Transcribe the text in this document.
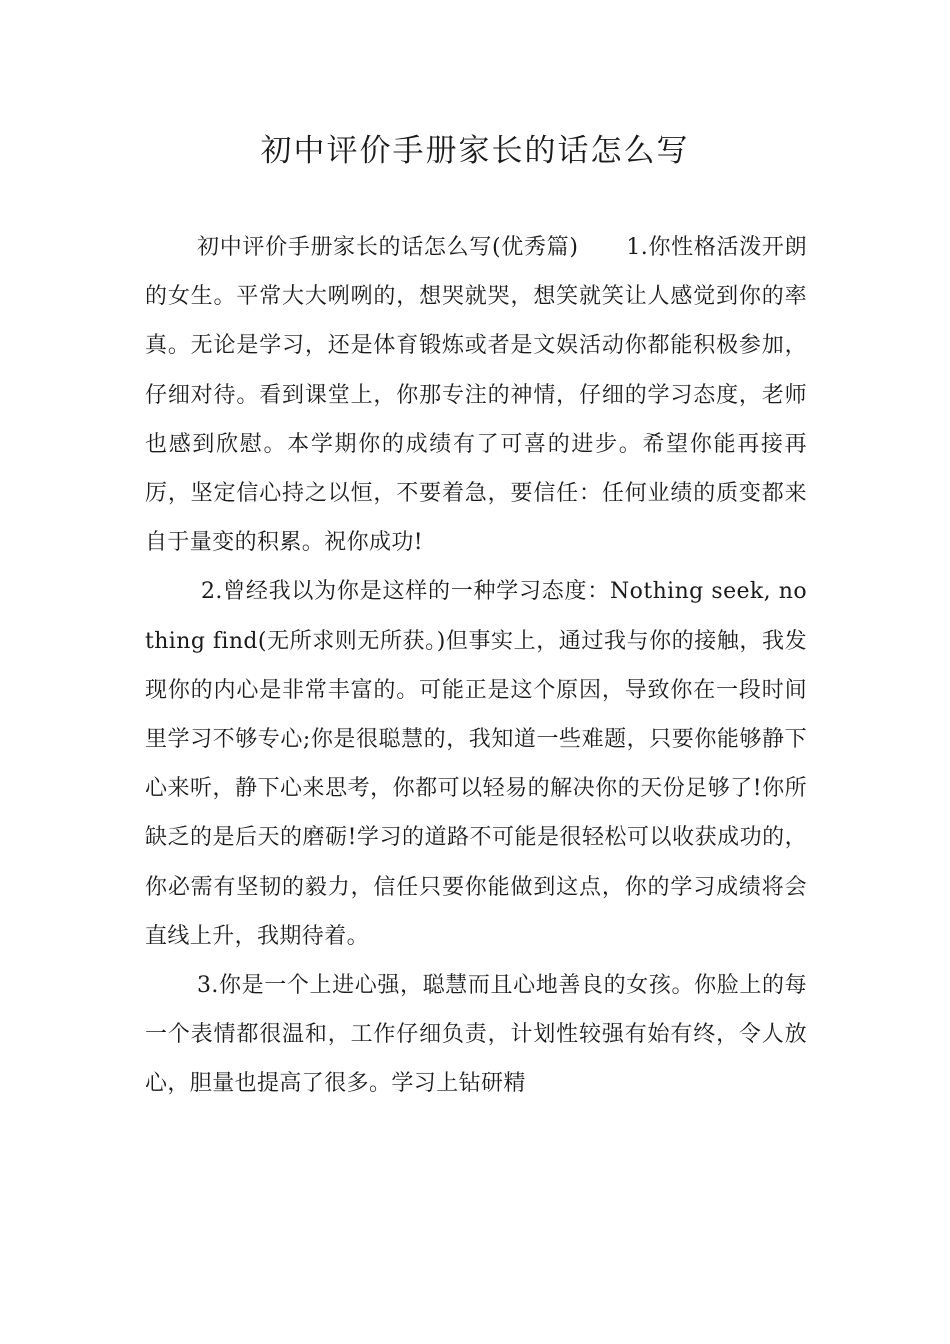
初中评价手册家长的话怎么写

初中评价手册家长的话怎么写(优秀篇) 1.你性格活泼开朗的女生。平常大大咧咧的，想哭就哭，想笑就笑让人感觉到你的率真。无论是学习，还是体育锻炼或者是文娱活动你都能积极参加，仔细对待。看到课堂上，你那专注的神情，仔细的学习态度，老师也感到欣慰。本学期你的成绩有了可喜的进步。希望你能再接再厉，坚定信心持之以恒，不要着急，要信任：任何业绩的质变都来自于量变的积累。祝你成功!

2.曾经我以为你是这样的一种学习态度：Nothing seek, nothing find(无所求则无所获。)但事实上，通过我与你的接触，我发现你的内心是非常丰富的。可能正是这个原因，导致你在一段时间里学习不够专心;你是很聪慧的，我知道一些难题，只要你能够静下心来听，静下心来思考，你都可以轻易的解决你的天份足够了!你所缺乏的是后天的磨砺!学习的道路不可能是很轻松可以收获成功的，你必需有坚韧的毅力，信任只要你能做到这点，你的学习成绩将会直线上升，我期待着。

3.你是一个上进心强，聪慧而且心地善良的女孩。你脸上的每一个表情都很温和，工作仔细负责，计划性较强有始有终，令人放心，胆量也提高了很多。学习上钻研精
